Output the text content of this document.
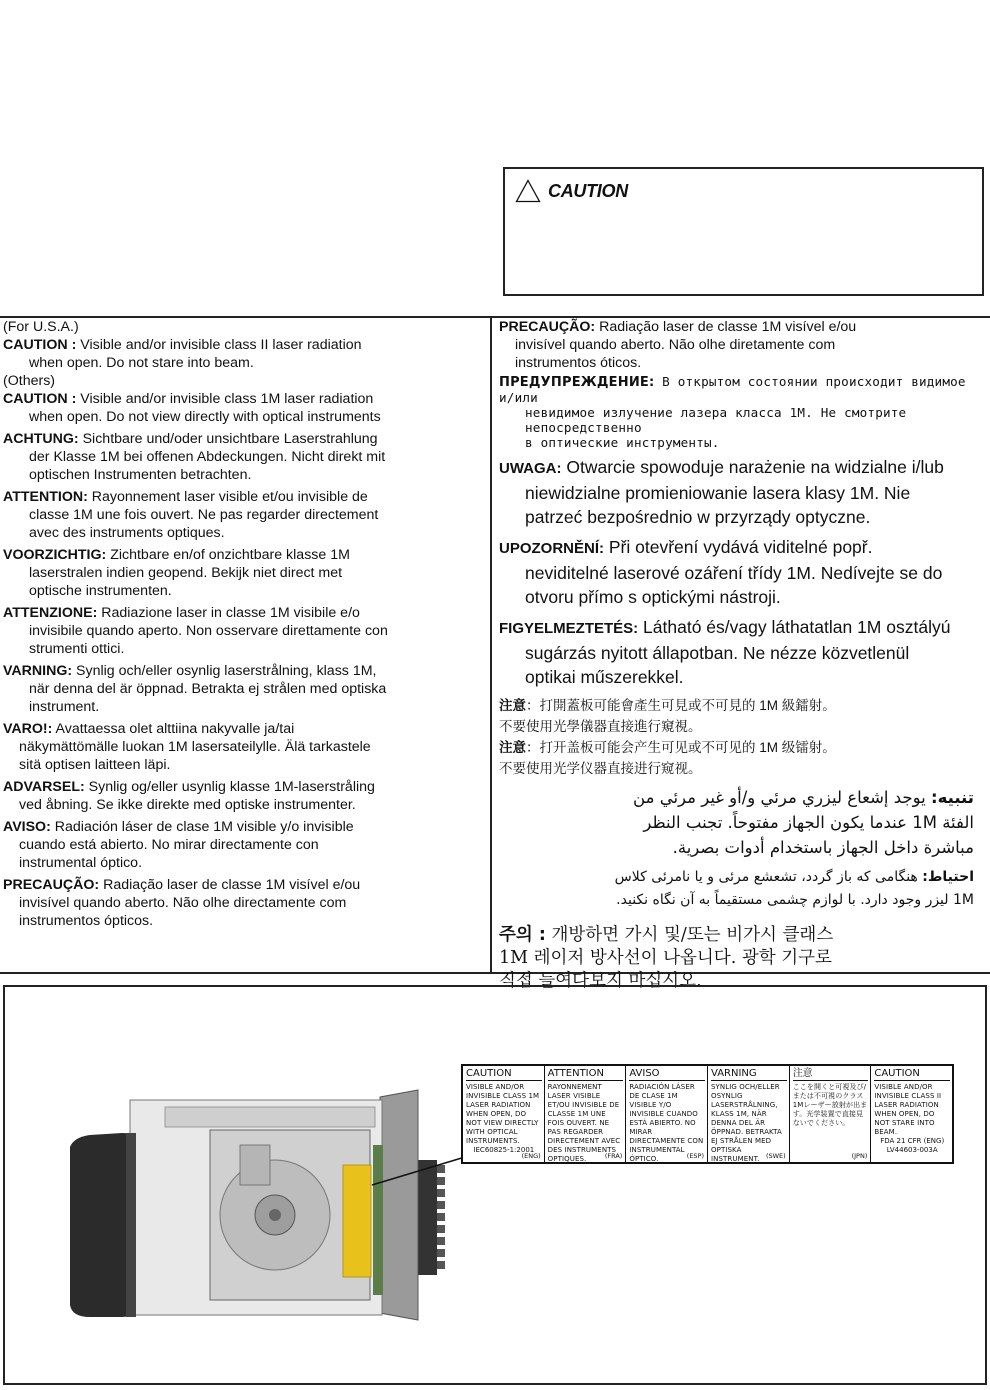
CAUTION
(For U.S.A.)
CAUTION : Visible and/or invisible class II laser radiation
when open. Do not stare into beam.
(Others)
CAUTION : Visible and/or invisible class 1M laser radiation
when open. Do not view directly with optical instruments
ACHTUNG: Sichtbare und/oder unsichtbare Laserstrahlung
der Klasse 1M bei offenen Abdeckungen. Nicht direkt mit
optischen Instrumenten betrachten.
ATTENTION: Rayonnement laser visible et/ou invisible de
classe 1M une fois ouvert. Ne pas regarder directement
avec des instruments optiques.
VOORZICHTIG: Zichtbare en/of onzichtbare klasse 1M
laserstralen indien geopend. Bekijk niet direct met
optische instrumenten.
ATTENZIONE: Radiazione laser in classe 1M visibile e/o
invisibile quando aperto. Non osservare direttamente con
strumenti ottici.
VARNING: Synlig och/eller osynlig laserstrålning, klass 1M,
när denna del är öppnad. Betrakta ej strålen med optiska
instrument.
VARO!: Avattaessa olet alttiina nakyvalle ja/tai
näkymättömälle luokan 1M lasersateilylle. Älä tarkastele
sitä optisen laitteen läpi.
ADVARSEL: Synlig og/eller usynlig klasse 1M-laserstråling
ved åbning. Se ikke direkte med optiske instrumenter.
AVISO: Radiación láser de clase 1M visible y/o invisible
cuando está abierto. No mirar directamente con
instrumental óptico.
PRECAUÇÃO: Radiação laser de classe 1M visível e/ou
invisível quando aberto. Não olhe directamente com
instrumentos ópticos.
PRECAUÇÃO: Radiação laser de classe 1M visível e/ou
invisível quando aberto. Não olhe diretamente com
instrumentos óticos.
ПРЕДУПРЕЖДЕНИЕ: В открытом состоянии происходит видимое и/или
невидимое излучение лазера класса 1M. Не смотрите непосредственно
в оптические инструменты.
UWAGA: Otwarcie spowoduje narażenie na widzialne i/lub
niewidzialne promieniowanie lasera klasy 1M. Nie
patrzeć bezpośrednio w przyrządy optyczne.
UPOZORNĚNÍ: Při otevření vydává viditelné popř.
neviditelné laserové ozáření třídy 1M. Nedívejte se do
otvoru přímo s optickými nástroji.
FIGYELMEZTETÉS: Látható és/vagy láthatatlan 1M osztályú
sugárzás nyitott állapotban. Ne nézze közvetlenül
optikai műszerekkel.
注意：打開蓋板可能會產生可見或不可見的 1M 級鐳射。
不要使用光學儀器直接進行窺視。
注意：打开盖板可能会产生可见或不可见的 1M 级镭射。
不要使用光学仪器直接进行窥视。
تنبيه: يوجد إشعاع ليزري مرئي و/أو غير مرئي من
الفئة 1M عندما يكون الجهاز مفتوحاً. تجنب النظر
مباشرة داخل الجهاز باستخدام أدوات بصرية.
احتیاط: هنگامی که باز گردد، تشعشع مرئی و یا نامرئی کلاس
1M لیزر وجود دارد. با لوازم چشمی مستقیماً به آن نگاه نکنید.
주의 : 개방하면 가시 및/또는 비가시 클래스
1M 레이저 방사선이 나옵니다. 광학 기구로
직접 들여다보지 마십시오.
CAUTION
VISIBLE AND/OR INVISIBLE CLASS 1M LASER RADIATION WHEN OPEN, DO NOT VIEW DIRECTLY WITH OPTICAL INSTRUMENTS.
IEC60825-1:2001
(ENG)
ATTENTION
RAYONNEMENT LASER VISIBLE ET/OU INVISIBLE DE CLASSE 1M UNE FOIS OUVERT. NE PAS REGARDER DIRECTEMENT AVEC DES INSTRUMENTS OPTIQUES.	(FRA)
AVISO
RADIACIÓN LÁSER DE CLASE 1M VISIBLE Y/O INVISIBLE CUANDO ESTÁ ABIERTO. NO MIRAR DIRECTAMENTE CON INSTRUMENTAL ÓPTICO.	(ESP)
VARNING
SYNLIG OCH/ELLER OSYNLIG LASERSTRÅLNING, KLASS 1M, NÄR DENNA DEL ÄR ÖPPNAD. BETRAKTA EJ STRÅLEN MED OPTISKA INSTRUMENT. (SWE)
注意
ここを開くと可視及び/または不可視のクラス1Mレーザー放射が出ます。光学装置で直接見ないでください。
(JPN)
CAUTION
VISIBLE AND/OR INVISIBLE CLASS II LASER RADIATION WHEN OPEN, DO NOT STARE INTO BEAM.
FDA 21 CFR (ENG) LV44603-003A
